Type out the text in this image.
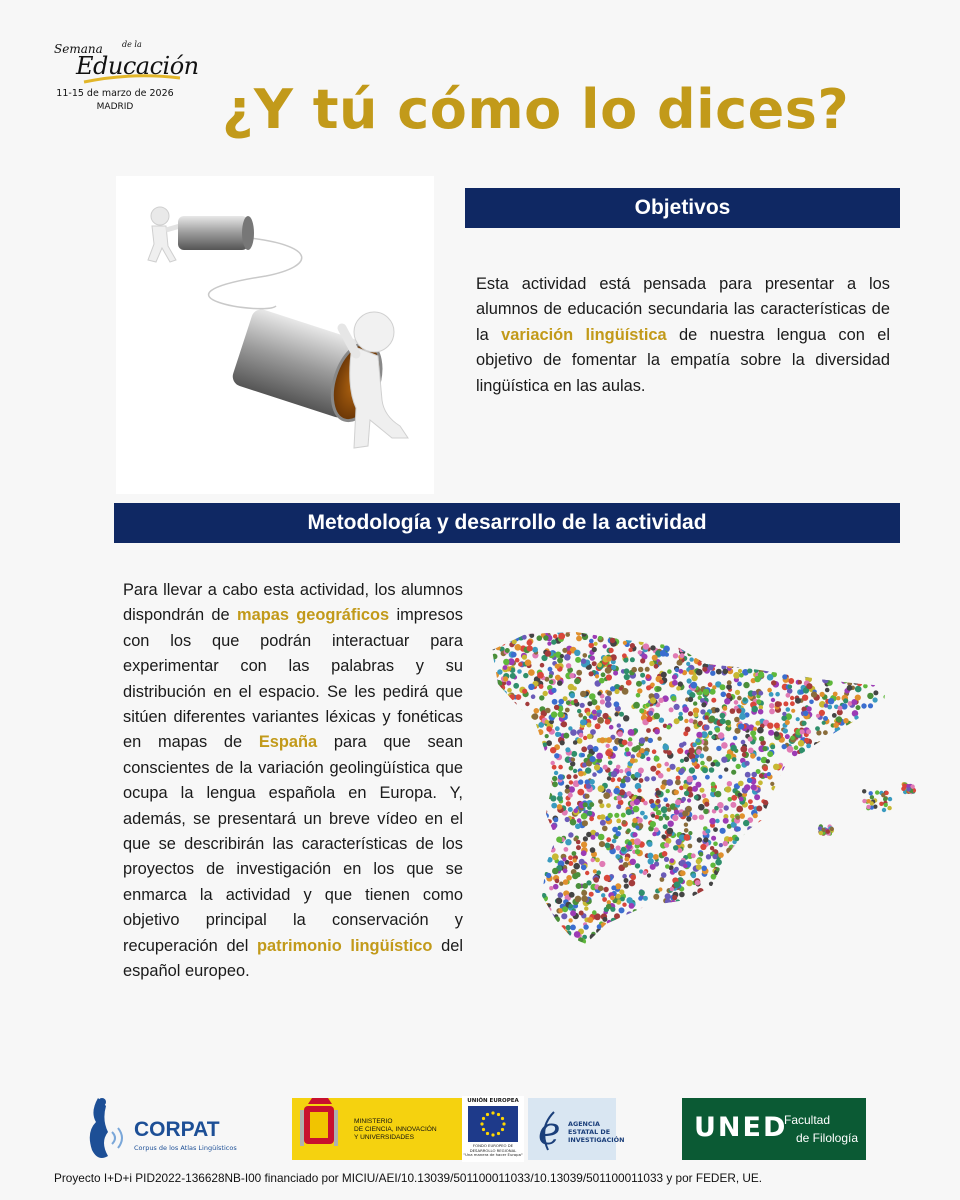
Semana de la
Educación
11-15 de marzo de 2026
MADRID	¿Y tú cómo lo dices?
Objetivos

Esta actividad está pensada para presentar a los alumnos de educación secundaria las características de la variación lingüística de nuestra lengua con el objetivo de fomentar la empatía sobre la diversidad lingüística en las aulas.

Metodología y desarrollo de la actividad

Para llevar a cabo esta actividad, los alumnos dispondrán de mapas geográficos impresos con los que podrán interactuar para experimentar con las palabras y su distribución en el espacio. Se les pedirá que sitúen diferentes variantes léxicas y fonéticas en mapas de España para que sean conscientes de la variación geolingüística que ocupa la lengua española en Europa. Y, además, se presentará un breve vídeo en el que se describirán las características de los proyectos de investigación en los que se enmarca la actividad y que tienen como objetivo principal la conservación y recuperación del patrimonio lingüístico del español europeo.

CORPAT
Corpus de los Atlas Lingüísticos
MINISTERIO
DE CIENCIA, INNOVACIÓN
Y UNIVERSIDADES
UNIÓN EUROPEA
FONDO EUROPEO DE
DESARROLLO REGIONAL
"Una manera de hacer Europa"
e AGENCIA
ESTATAL DE
INVESTIGACIÓN	UNED
Facultad
de Filología
Proyecto I+D+i PID2022-136628NB-I00 financiado por MICIU/AEI/10.13039/501100011033/10.13039/501100011033 y por FEDER, UE.
